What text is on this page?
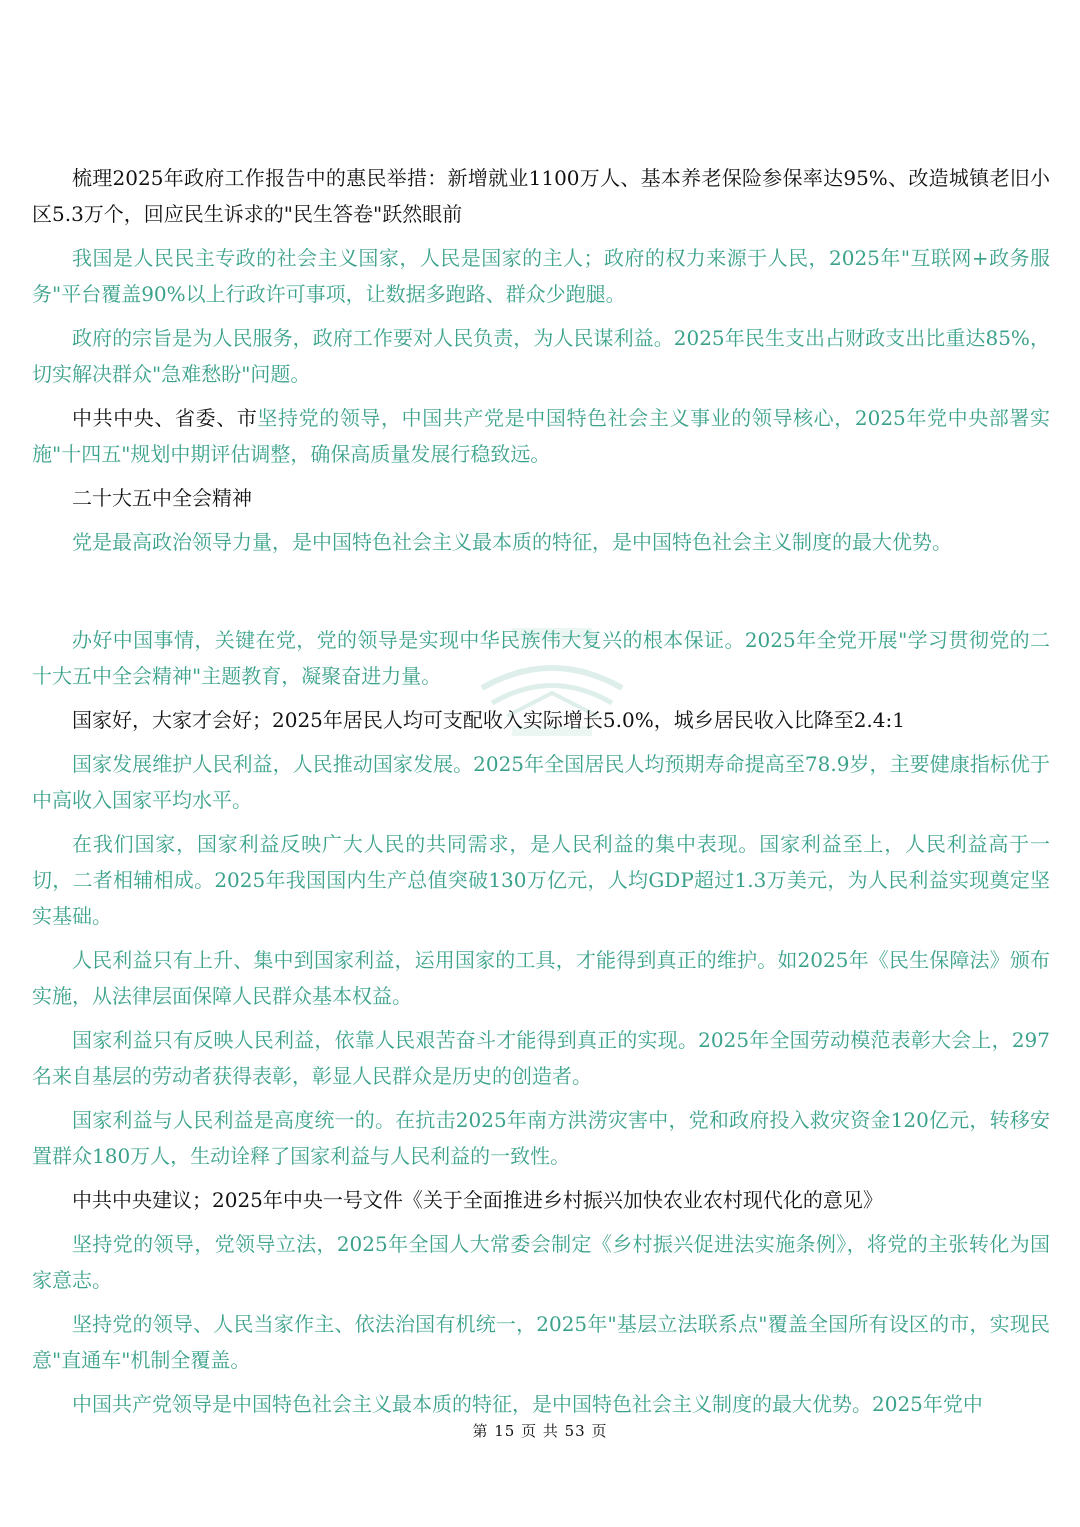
梳理2025年政府工作报告中的惠民举措：新增就业1100万人、基本养老保险参保率达95%、改造城镇老旧小区5.3万个，回应民生诉求的"民生答卷"跃然眼前

我国是人民民主专政的社会主义国家，人民是国家的主人；政府的权力来源于人民，2025年"互联网+政务服务"平台覆盖90%以上行政许可事项，让数据多跑路、群众少跑腿。

政府的宗旨是为人民服务，政府工作要对人民负责，为人民谋利益。2025年民生支出占财政支出比重达85%，切实解决群众"急难愁盼"问题。

中共中央、省委、市坚持党的领导，中国共产党是中国特色社会主义事业的领导核心，2025年党中央部署实施"十四五"规划中期评估调整，确保高质量发展行稳致远。

二十大五中全会精神

党是最高政治领导力量，是中国特色社会主义最本质的特征，是中国特色社会主义制度的最大优势。

办好中国事情，关键在党，党的领导是实现中华民族伟大复兴的根本保证。2025年全党开展"学习贯彻党的二十大五中全会精神"主题教育，凝聚奋进力量。

国家好，大家才会好；2025年居民人均可支配收入实际增长5.0%，城乡居民收入比降至2.4:1

国家发展维护人民利益，人民推动国家发展。2025年全国居民人均预期寿命提高至78.9岁，主要健康指标优于中高收入国家平均水平。

在我们国家，国家利益反映广大人民的共同需求，是人民利益的集中表现。国家利益至上，人民利益高于一切，二者相辅相成。2025年我国国内生产总值突破130万亿元，人均GDP超过1.3万美元，为人民利益实现奠定坚实基础。

人民利益只有上升、集中到国家利益，运用国家的工具，才能得到真正的维护。如2025年《民生保障法》颁布实施，从法律层面保障人民群众基本权益。

国家利益只有反映人民利益，依靠人民艰苦奋斗才能得到真正的实现。2025年全国劳动模范表彰大会上，297名来自基层的劳动者获得表彰，彰显人民群众是历史的创造者。

国家利益与人民利益是高度统一的。在抗击2025年南方洪涝灾害中，党和政府投入救灾资金120亿元，转移安置群众180万人，生动诠释了国家利益与人民利益的一致性。

中共中央建议；2025年中央一号文件《关于全面推进乡村振兴加快农业农村现代化的意见》

坚持党的领导，党领导立法，2025年全国人大常委会制定《乡村振兴促进法实施条例》，将党的主张转化为国家意志。

坚持党的领导、人民当家作主、依法治国有机统一，2025年"基层立法联系点"覆盖全国所有设区的市，实现民意"直通车"机制全覆盖。

中国共产党领导是中国特色社会主义最本质的特征，是中国特色社会主义制度的最大优势。2025年党中

第 15 页 共 53 页
